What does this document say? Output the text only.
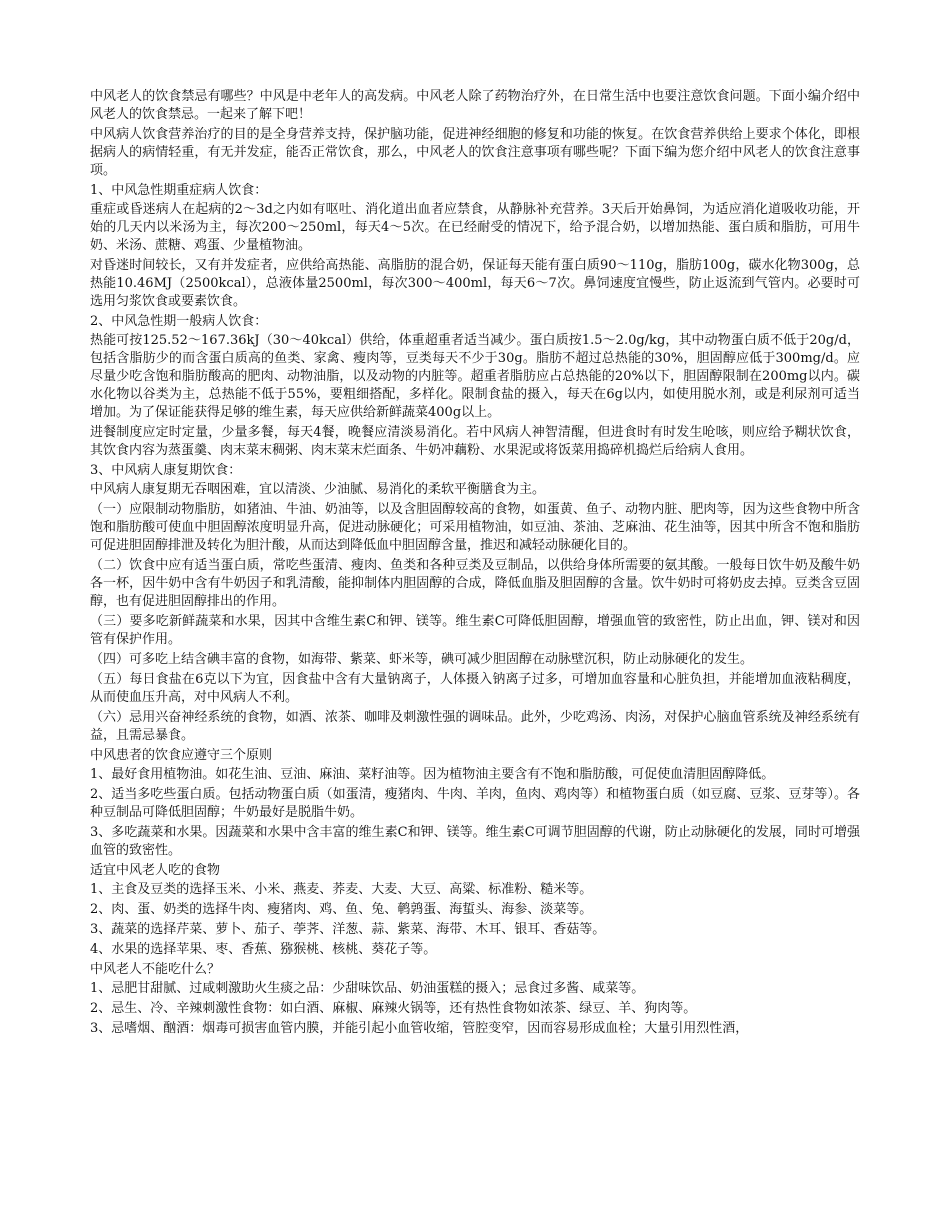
中风老人的饮食禁忌有哪些？中风是中老年人的高发病。中风老人除了药物治疗外，在日常生活中也要注意饮食问题。下面小编介绍中风老人的饮食禁忌。一起来了解下吧！

中风病人饮食营养治疗的目的是全身营养支持，保护脑功能，促进神经细胞的修复和功能的恢复。在饮食营养供给上要求个体化，即根据病人的病情轻重，有无并发症，能否正常饮食，那么，中风老人的饮食注意事项有哪些呢？下面下编为您介绍中风老人的饮食注意事项。

1、中风急性期重症病人饮食：

重症或昏迷病人在起病的2～3d之内如有呕吐、消化道出血者应禁食，从静脉补充营养。3天后开始鼻饲，为适应消化道吸收功能，开始的几天内以米汤为主，每次200～250ml，每天4～5次。在已经耐受的情况下，给予混合奶，以增加热能、蛋白质和脂肪，可用牛奶、米汤、蔗糖、鸡蛋、少量植物油。

对昏迷时间较长，又有并发症者，应供给高热能、高脂肪的混合奶，保证每天能有蛋白质90～110g，脂肪100g，碳水化物300g，总热能10.46MJ（2500kcal），总液体量2500ml，每次300～400ml，每天6～7次。鼻饲速度宜慢些，防止返流到气管内。必要时可选用匀浆饮食或要素饮食。

2、中风急性期一般病人饮食：

热能可按125.52～167.36kJ（30～40kcal）供给，体重超重者适当减少。蛋白质按1.5～2.0g/kg，其中动物蛋白质不低于20g/d，包括含脂肪少的而含蛋白质高的鱼类、家禽、瘦肉等，豆类每天不少于30g。脂肪不超过总热能的30%，胆固醇应低于300mg/d。应尽量少吃含饱和脂肪酸高的肥肉、动物油脂，以及动物的内脏等。超重者脂肪应占总热能的20%以下，胆固醇限制在200mg以内。碳水化物以谷类为主，总热能不低于55%，要粗细搭配，多样化。限制食盐的摄入，每天在6g以内，如使用脱水剂，或是利尿剂可适当增加。为了保证能获得足够的维生素，每天应供给新鲜蔬菜400g以上。

进餐制度应定时定量，少量多餐，每天4餐，晚餐应清淡易消化。若中风病人神智清醒，但进食时有时发生呛咳，则应给予糊状饮食，其饮食内容为蒸蛋羹、肉末菜末稠粥、肉末菜末烂面条、牛奶冲藕粉、水果泥或将饭菜用捣碎机捣烂后给病人食用。

3、中风病人康复期饮食：

中风病人康复期无吞咽困难，宜以清淡、少油腻、易消化的柔软平衡膳食为主。

（一）应限制动物脂肪，如猪油、牛油、奶油等，以及含胆固醇较高的食物，如蛋黄、鱼子、动物内脏、肥肉等，因为这些食物中所含饱和脂肪酸可使血中胆固醇浓度明显升高，促进动脉硬化；可采用植物油，如豆油、茶油、芝麻油、花生油等，因其中所含不饱和脂肪可促进胆固醇排泄及转化为胆汁酸，从而达到降低血中胆固醇含量，推迟和减轻动脉硬化目的。

（二）饮食中应有适当蛋白质，常吃些蛋清、瘦肉、鱼类和各种豆类及豆制品，以供给身体所需要的氨其酸。一般每日饮牛奶及酸牛奶各一杯，因牛奶中含有牛奶因子和乳清酸，能抑制体内胆固醇的合成，降低血脂及胆固醇的含量。饮牛奶时可将奶皮去掉。豆类含豆固醇，也有促进胆固醇排出的作用。

（三）要多吃新鲜蔬菜和水果，因其中含维生素C和钾、镁等。维生素C可降低胆固醇，增强血管的致密性，防止出血，钾、镁对和因管有保护作用。

（四）可多吃上结含碘丰富的食物，如海带、紫菜、虾米等，碘可减少胆固醇在动脉壁沉积，防止动脉硬化的发生。

（五）每日食盐在6克以下为宜，因食盐中含有大量钠离子，人体摄入钠离子过多，可增加血容量和心脏负担，并能增加血液粘稠度，从而使血压升高，对中风病人不利。

（六）忌用兴奋神经系统的食物，如酒、浓茶、咖啡及刺激性强的调味品。此外，少吃鸡汤、肉汤，对保护心脑血管系统及神经系统有益，且需忌暴食。

中风患者的饮食应遵守三个原则

1、最好食用植物油。如花生油、豆油、麻油、菜籽油等。因为植物油主要含有不饱和脂肪酸，可促使血清胆固醇降低。

2、适当多吃些蛋白质。包括动物蛋白质（如蛋清，瘦猪肉、牛肉、羊肉，鱼肉、鸡肉等）和植物蛋白质（如豆腐、豆浆、豆芽等）。各种豆制品可降低胆固醇；牛奶最好是脱脂牛奶。

3、多吃蔬菜和水果。因蔬菜和水果中含丰富的维生素C和钾、镁等。维生素C可调节胆固醇的代谢，防止动脉硬化的发展，同时可增强血管的致密性。

适宜中风老人吃的食物

1、主食及豆类的选择玉米、小米、燕麦、荞麦、大麦、大豆、高粱、标准粉、糙米等。

2、肉、蛋、奶类的选择牛肉、瘦猪肉、鸡、鱼、兔、鹌鹑蛋、海蜇头、海参、淡菜等。

3、蔬菜的选择芹菜、萝卜、茄子、荸荠、洋葱、蒜、紫菜、海带、木耳、银耳、香菇等。

4、水果的选择苹果、枣、香蕉、猕猴桃、核桃、葵花子等。

中风老人不能吃什么？

1、忌肥甘甜腻、过咸刺激助火生痰之品：少甜味饮品、奶油蛋糕的摄入；忌食过多酱、咸菜等。

2、忌生、冷、辛辣刺激性食物：如白酒、麻椒、麻辣火锅等，还有热性食物如浓茶、绿豆、羊、狗肉等。

3、忌嗜烟、酗酒：烟毒可损害血管内膜，并能引起小血管收缩，管腔变窄，因而容易形成血栓；大量引用烈性酒，
